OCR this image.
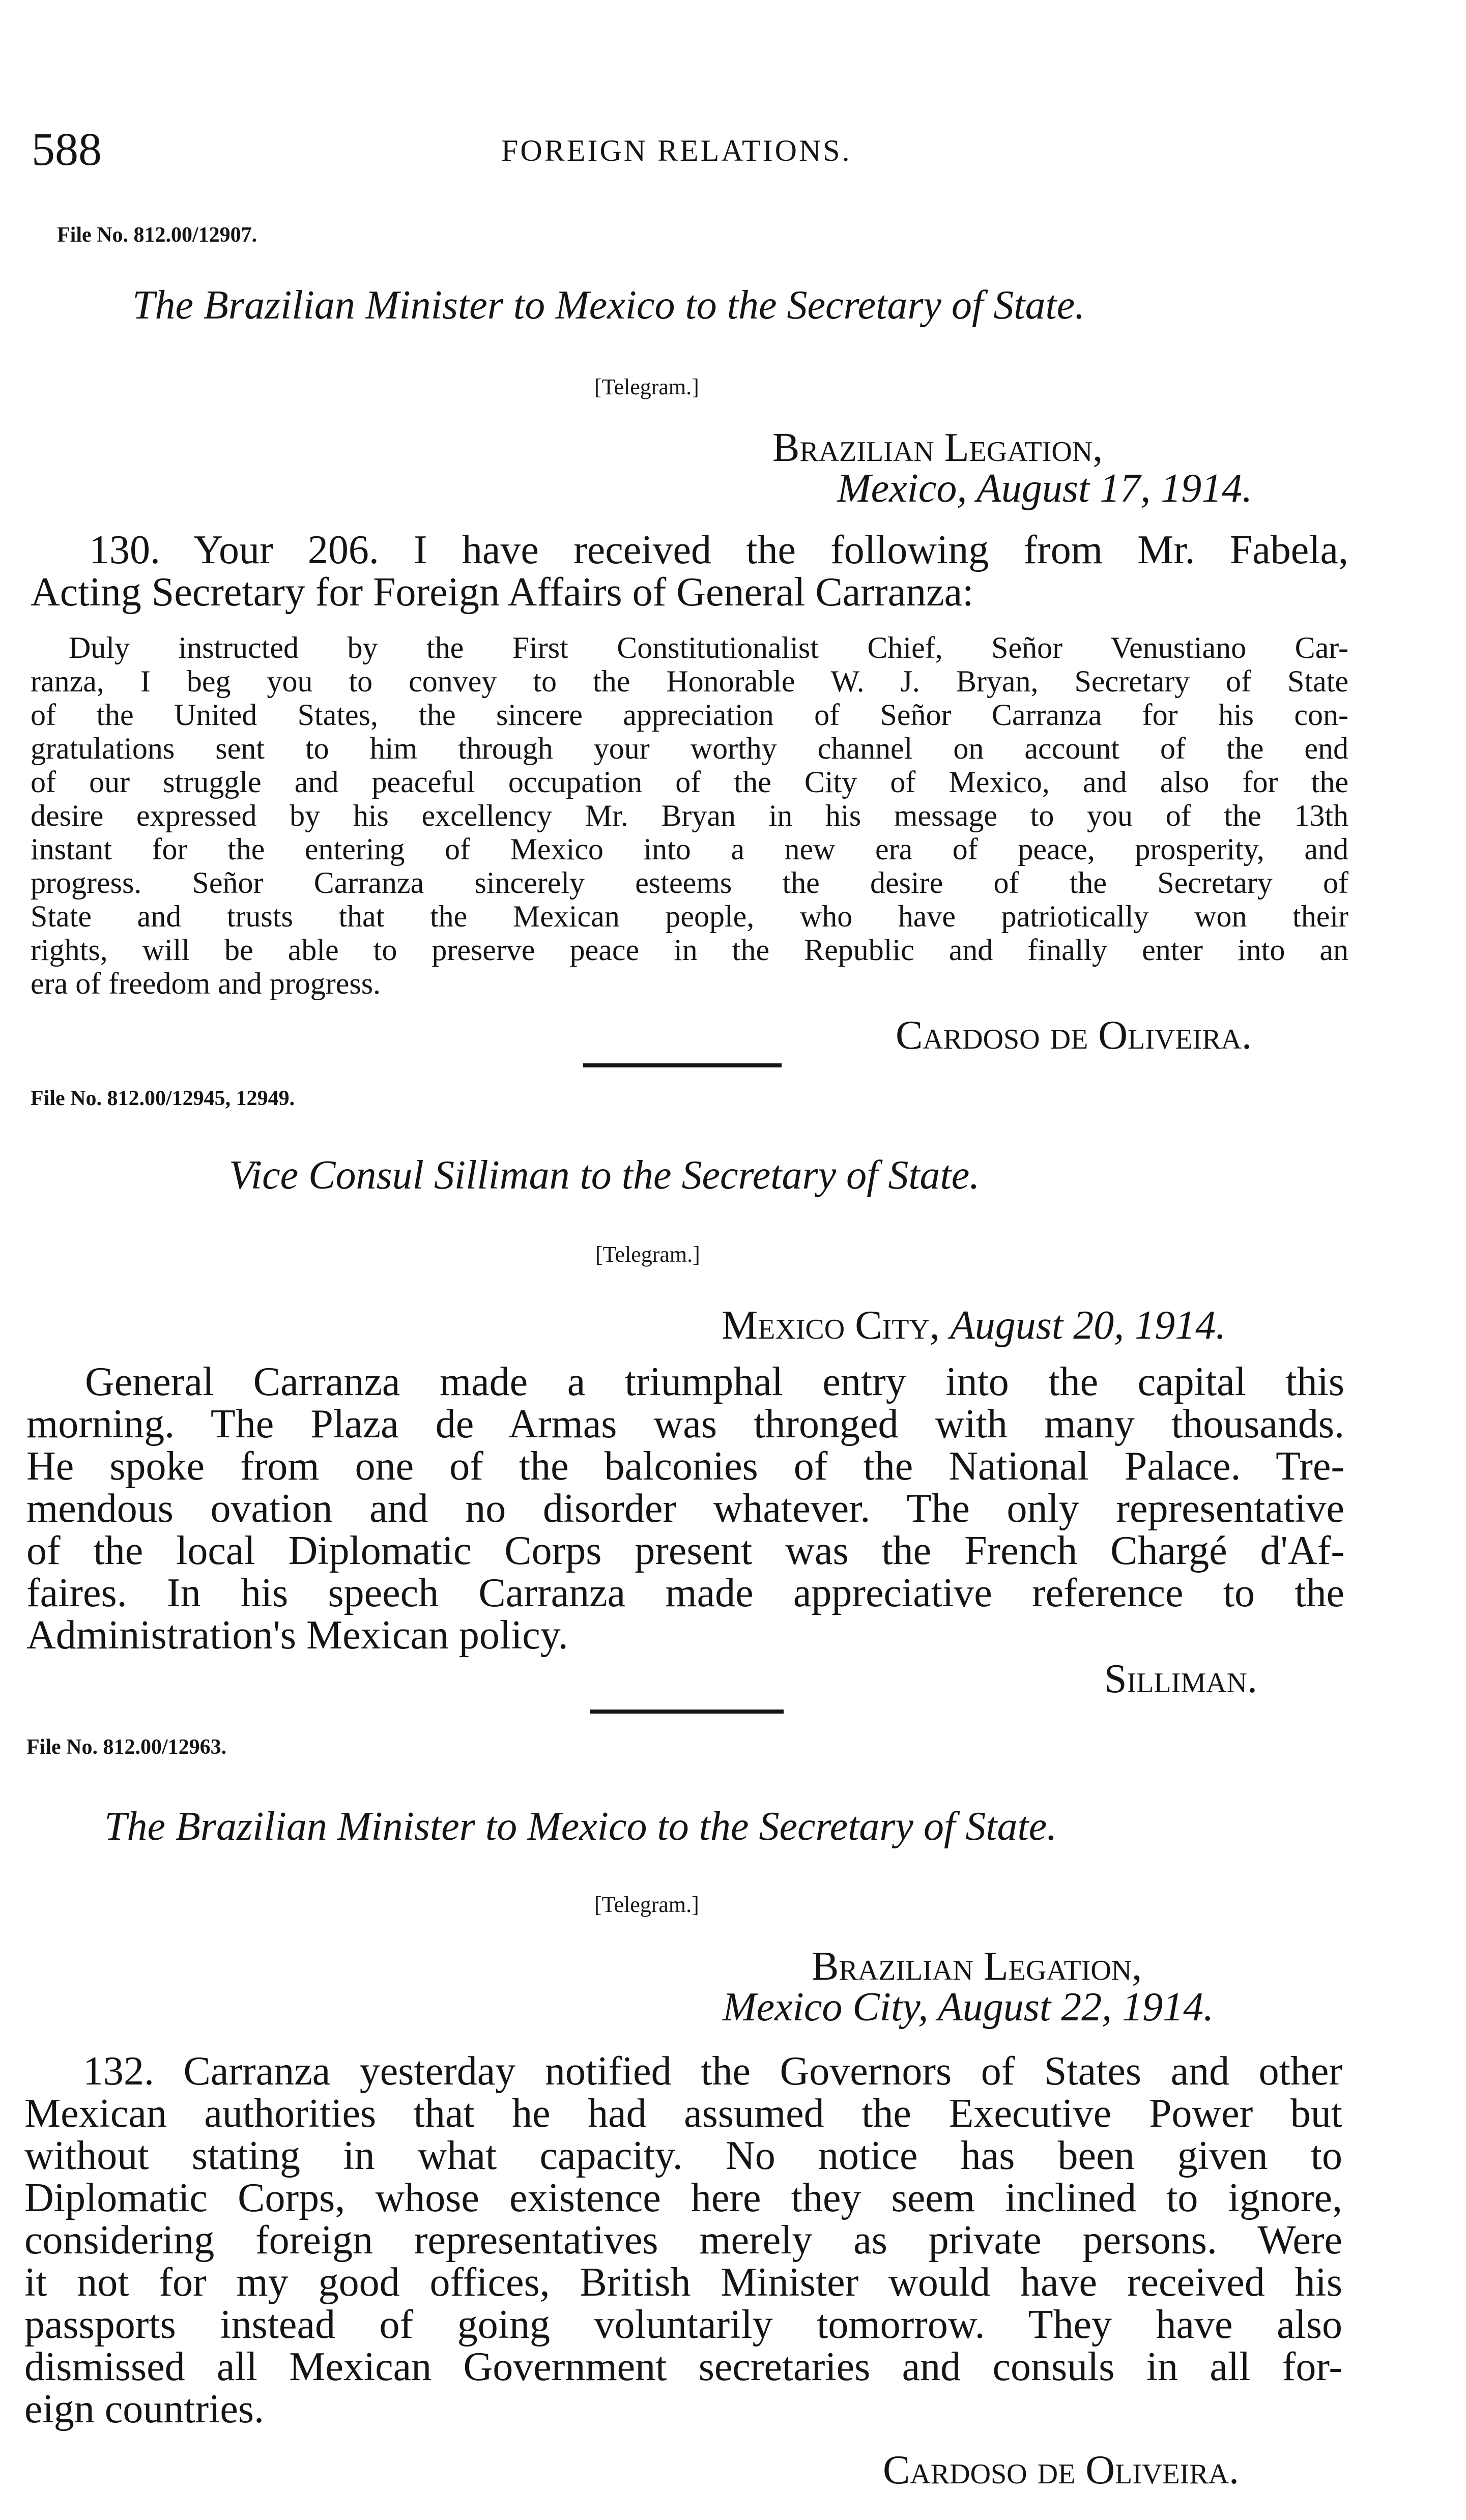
588	FOREIGN RELATIONS.
File No. 812.00/12907.
The Brazilian Minister to Mexico to the Secretary of State.
[Telegram.]
Brazilian Legation,
Mexico, August 17, 1914.
130. Your 206. I have received the following from Mr. Fabela,
Acting Secretary for Foreign Affairs of General Carranza:
Duly instructed by the First Constitutionalist Chief, Señor Venustiano Car-
ranza, I beg you to convey to the Honorable W. J. Bryan, Secretary of State
of the United States, the sincere appreciation of Señor Carranza for his con-
gratulations sent to him through your worthy channel on account of the end
of our struggle and peaceful occupation of the City of Mexico, and also for the
desire expressed by his excellency Mr. Bryan in his message to you of the 13th
instant for the entering of Mexico into a new era of peace, prosperity, and
progress. Señor Carranza sincerely esteems the desire of the Secretary of
State and trusts that the Mexican people, who have patriotically won their
rights, will be able to preserve peace in the Republic and finally enter into an
era of freedom and progress.
Cardoso de Oliveira.
File No. 812.00/12945, 12949.
Vice Consul Silliman to the Secretary of State.
[Telegram.]
Mexico City, August 20, 1914.
General Carranza made a triumphal entry into the capital this
morning. The Plaza de Armas was thronged with many thousands.
He spoke from one of the balconies of the National Palace. Tre-
mendous ovation and no disorder whatever. The only representative
of the local Diplomatic Corps present was the French Chargé d'Af-
faires. In his speech Carranza made appreciative reference to the
Administration's Mexican policy.
Silliman.
File No. 812.00/12963.
The Brazilian Minister to Mexico to the Secretary of State.
[Telegram.]
Brazilian Legation,
Mexico City, August 22, 1914.
132. Carranza yesterday notified the Governors of States and other
Mexican authorities that he had assumed the Executive Power but
without stating in what capacity. No notice has been given to
Diplomatic Corps, whose existence here they seem inclined to ignore,
considering foreign representatives merely as private persons. Were
it not for my good offices, British Minister would have received his
passports instead of going voluntarily tomorrow. They have also
dismissed all Mexican Government secretaries and consuls in all for-
eign countries.
Cardoso de Oliveira.
